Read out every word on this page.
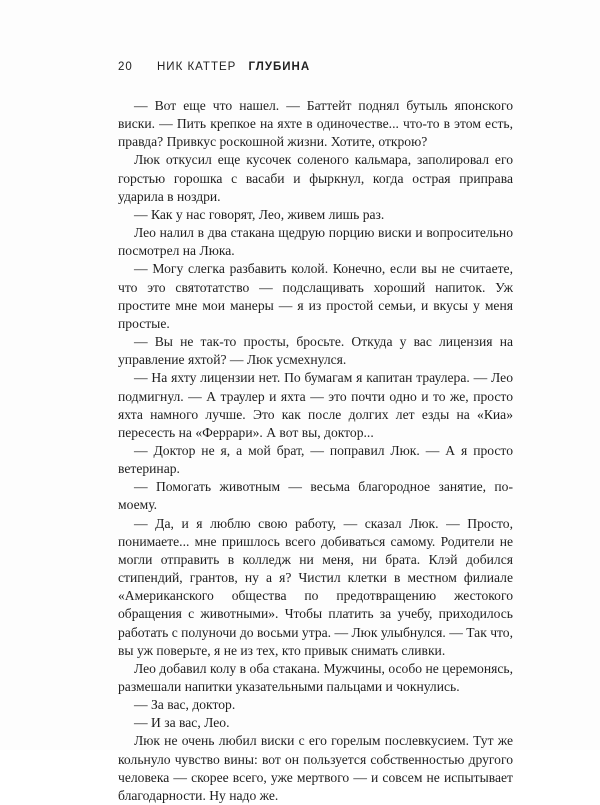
20 НИК КАТТЕР ГЛУБИНА

— Вот еще что нашел. — Баттейт поднял бутыль японского виски. — Пить крепкое на яхте в одиночестве... что-то в этом есть, правда? Привкус роскошной жизни. Хотите, открою?

Люк откусил еще кусочек соленого кальмара, заполировал его горстью горошка с васаби и фыркнул, когда острая приправа ударила в ноздри.

— Как у нас говорят, Лео, живем лишь раз.

Лео налил в два стакана щедрую порцию виски и вопросительно посмотрел на Люка.

— Могу слегка разбавить колой. Конечно, если вы не считаете, что это святотатство — подслащивать хороший напиток. Уж простите мне мои манеры — я из простой семьи, и вкусы у меня простые.

— Вы не так-то просты, бросьте. Откуда у вас лицензия на управление яхтой? — Люк усмехнулся.

— На яхту лицензии нет. По бумагам я капитан траулера. — Лео подмигнул. — А траулер и яхта — это почти одно и то же, просто яхта намного лучше. Это как после долгих лет езды на «Киа» пересесть на «Феррари». А вот вы, доктор...

— Доктор не я, а мой брат, — поправил Люк. — А я просто ветеринар.

— Помогать животным — весьма благородное занятие, по-моему.

— Да, и я люблю свою работу, — сказал Люк. — Просто, понимаете... мне пришлось всего добиваться самому. Родители не могли отправить в колледж ни меня, ни брата. Клэй добился стипендий, грантов, ну а я? Чистил клетки в местном филиале «Американского общества по предотвращению жестокого обращения с животными». Чтобы платить за учебу, приходилось работать с полуночи до восьми утра. — Люк улыбнулся. — Так что, вы уж поверьте, я не из тех, кто привык снимать сливки.

Лео добавил колу в оба стакана. Мужчины, особо не церемонясь, размешали напитки указательными пальцами и чокнулись.

— За вас, доктор.

— И за вас, Лео.

Люк не очень любил виски с его горелым послевкусием. Тут же кольнуло чувство вины: вот он пользуется собственностью другого человека — скорее всего, уже мертвого — и совсем не испытывает благодарности. Ну надо же.
